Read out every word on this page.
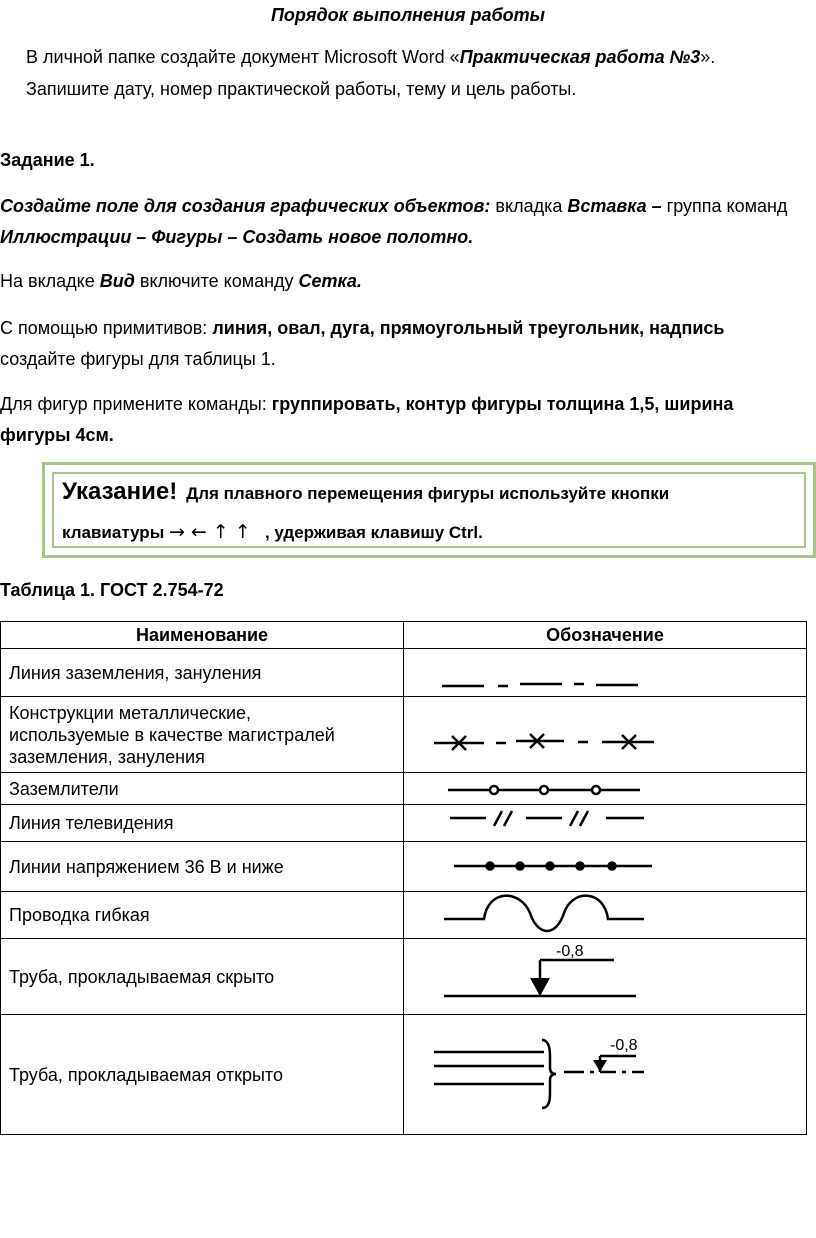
Порядок выполнения работы
В личной папке создайте документ Microsoft Word «Практическая работа №3».
Запишите дату, номер практической работы, тему и цель работы.
Задание 1.
Создайте поле для создания графических объектов: вкладка Вставка – группа команд
Иллюстрации – Фигуры – Создать новое полотно.
На вкладке Вид включите команду Сетка.
С помощью примитивов: линия, овал, дуга, прямоугольный треугольник, надпись
создайте фигуры для таблицы 1.
Для фигур примените команды: группировать, контур фигуры толщина 1,5, ширина
фигуры 4см.
Указание! Для плавного перемещения фигуры используйте кнопки
клавиатуры → ← ↑ ↑ , удерживая клавишу Ctrl.
Таблица 1. ГОСТ 2.754-72
Наименование	Обозначение
Линия заземления, зануления	

Конструкции металлические,
используемые в качестве магистралей
заземления, зануления

Заземлители	

Линия телевидения	

Линии напряжением 36 В и ниже	

Проводка гибкая	

Труба, прокладываемая скрыто	-0,8

Труба, прокладываемая открыто	-0,8
